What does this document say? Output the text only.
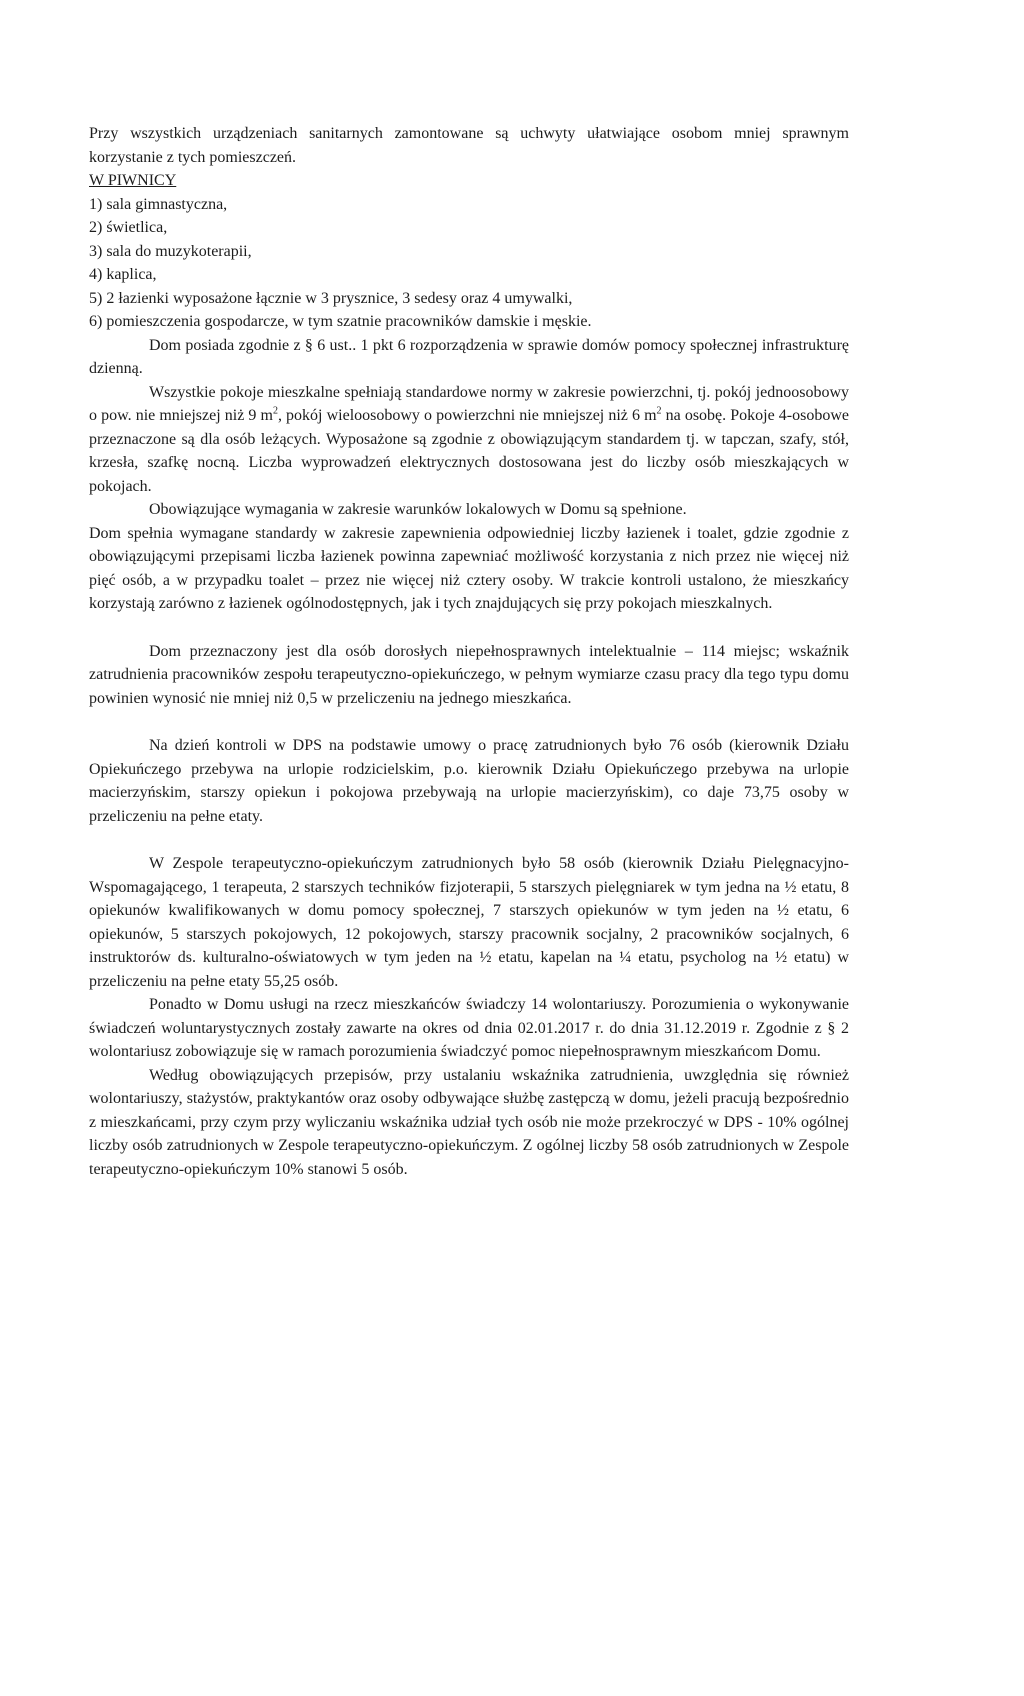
Przy wszystkich urządzeniach sanitarnych zamontowane są uchwyty ułatwiające osobom mniej sprawnym korzystanie z tych pomieszczeń.

W PIWNICY

1) sala gimnastyczna,
2) świetlica,
3) sala do muzykoterapii,
4) kaplica,
5) 2 łazienki wyposażone łącznie w 3 prysznice, 3 sedesy oraz 4 umywalki,
6) pomieszczenia gospodarcze, w tym szatnie pracowników damskie i męskie.

Dom posiada zgodnie z § 6 ust.. 1 pkt 6 rozporządzenia w sprawie domów pomocy społecznej infrastrukturę dzienną.

Wszystkie pokoje mieszkalne spełniają standardowe normy w zakresie powierzchni, tj. pokój jednoosobowy o pow. nie mniejszej niż 9 $m^2$, pokój wieloosobowy o powierzchni nie mniejszej niż 6 $m^2$ na osobę. Pokoje 4-osobowe przeznaczone są dla osób leżących. Wyposażone są zgodnie z obowiązującym standardem tj. w tapczan, szafy, stół, krzesła, szafkę nocną. Liczba wyprowadzeń elektrycznych dostosowana jest do liczby osób mieszkających w pokojach.

Obowiązujące wymagania w zakresie warunków lokalowych w Domu są spełnione.

Dom spełnia wymagane standardy w zakresie zapewnienia odpowiedniej liczby łazienek i toalet, gdzie zgodnie z obowiązującymi przepisami liczba łazienek powinna zapewniać możliwość korzystania z nich przez nie więcej niż pięć osób, a w przypadku toalet – przez nie więcej niż cztery osoby. W trakcie kontroli ustalono, że mieszkańcy korzystają zarówno z łazienek ogólnodostępnych, jak i tych znajdujących się przy pokojach mieszkalnych.

Dom przeznaczony jest dla osób dorosłych niepełnosprawnych intelektualnie – 114 miejsc; wskaźnik zatrudnienia pracowników zespołu terapeutyczno-opiekuńczego, w pełnym wymiarze czasu pracy dla tego typu domu powinien wynosić nie mniej niż 0,5 w przeliczeniu na jednego mieszkańca.

Na dzień kontroli w DPS na podstawie umowy o pracę zatrudnionych było 76 osób (kierownik Działu Opiekuńczego przebywa na urlopie rodzicielskim, p.o. kierownik Działu Opiekuńczego przebywa na urlopie macierzyńskim, starszy opiekun i pokojowa przebywają na urlopie macierzyńskim), co daje 73,75 osoby w przeliczeniu na pełne etaty.

W Zespole terapeutyczno-opiekuńczym zatrudnionych było 58 osób (kierownik Działu Pielęgnacyjno-Wspomagającego, 1 terapeuta, 2 starszych techników fizjoterapii, 5 starszych pielęgniarek w tym jedna na ½ etatu, 8 opiekunów kwalifikowanych w domu pomocy społecznej, 7 starszych opiekunów w tym jeden na ½ etatu, 6 opiekunów, 5 starszych pokojowych, 12 pokojowych, starszy pracownik socjalny, 2 pracowników socjalnych, 6 instruktorów ds. kulturalno-oświatowych w tym jeden na ½ etatu, kapelan na ¼ etatu, psycholog na ½ etatu) w przeliczeniu na pełne etaty 55,25 osób.

Ponadto w Domu usługi na rzecz mieszkańców świadczy 14 wolontariuszy. Porozumienia o wykonywanie świadczeń woluntarystycznych zostały zawarte na okres od dnia 02.01.2017 r. do dnia 31.12.2019 r. Zgodnie z § 2 wolontariusz zobowiązuje się w ramach porozumienia świadczyć pomoc niepełnosprawnym mieszkańcom Domu.

Według obowiązujących przepisów, przy ustalaniu wskaźnika zatrudnienia, uwzględnia się również wolontariuszy, stażystów, praktykantów oraz osoby odbywające służbę zastępczą w domu, jeżeli pracują bezpośrednio z mieszkańcami, przy czym przy wyliczaniu wskaźnika udział tych osób nie może przekroczyć w DPS - 10% ogólnej liczby osób zatrudnionych w Zespole terapeutyczno-opiekuńczym. Z ogólnej liczby 58 osób zatrudnionych w Zespole terapeutyczno-opiekuńczym 10% stanowi 5 osób.
